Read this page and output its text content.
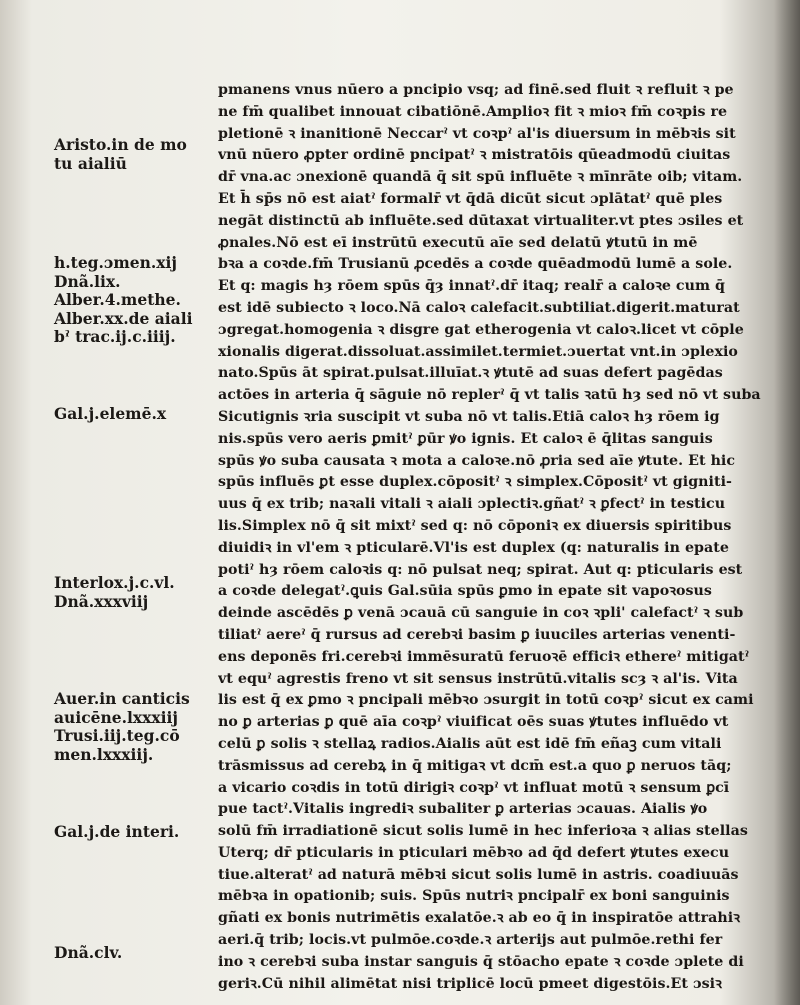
Aristo.in de mo
tu aialiū
h.teg.ɔmen.xij
Dnã.lix.
Alber.4.methe.
Alber.xx.de aiali
bˀ trac.ij.c.iiij.
Gal.j.elemē.x
Interlox.j.c.vl.
Dnã.xxxviij
Auer.in canticis
auicēne.lxxxiij
Trusi.iij.teg.cō
men.lxxxiij.
Gal.j.de interi.
Dnã.clv.
pmanens vnus nūero a pncipio vsq; ad finē.sed fluit ꝛ refluit ꝛ pe
ne fm̄ qualibet innouat cibatiōnē.Amplioꝛ fit ꝛ mioꝛ fm̄ coꝛpis re
pletionē ꝛ inanitionē Neccarˀ vt coꝛpˀ al'is diuersum in mēbꝛis sit
vnū nūero ꝓpter ordinē pncipatˀ ꝛ mistratōis qūeadmodū ciuitas
dr̄ vna.ac ɔnexionē quandā q̄ sit spū influēte ꝛ mīnrāte oib; vitam.
Et h̄ sp̄s nō est aiatˀ formalr̄ vt q̄dā dicūt sicut ɔplātatˀ quē ples
negāt distinctū ab influēte.sed dūtaxat virtualiter.vt ptes ɔsiles et
ꝓnales.Nō est eī instrūtū executū aīe sed delatū ꝟtutū in mē
bꝛa a coꝛde.fm̄ Trusianū ꝓcedēs a coꝛde quēadmodū lumē a sole.
Et q: magis hȝ rōem spūs q̄ȝ innatˀ.dr̄ itaq; realr̄ a caloꝛe cum q̄
est idē subiecto ꝛ loco.Nā caloꝛ calefacit.subtiliat.digerit.maturat
ɔgregat.homogenia ꝛ disgre gat etherogenia vt caloꝛ.licet vt cōple
xionalis digerat.dissoluat.assimilet.termiet.ɔuertat vnt.in ɔplexio
nato.Spūs āt spirat.pulsat.illuīat.ꝛ ꝟtutē ad suas defert pagēdas
actōes in arteria q̄ sāguie nō replerˀ q̄ vt talis ꝛatū hȝ sed nō vt suba
Sicutignis ꝛria suscipit vt suba nō vt talis.Etiā caloꝛ hȝ rōem ig
nis.spūs vero aeris ꝑmitˀ ꝑūr ꝟo ignis. Et caloꝛ ē q̄litas sanguis
spūs ꝟo suba causata ꝛ mota a caloꝛe.nō ꝓria sed aīe ꝟtute. Et hic
spūs influēs ꝑt esse duplex.cōpositˀ ꝛ simplex.Cōpositˀ vt gigniti-
uus q̄ ex trib; naꝛali vitali ꝛ aiali ɔplectiꝛ.gñatˀ ꝛ ꝑfectˀ in testicu
lis.Simplex nō q̄ sit mixtˀ sed q: nō cōponiꝛ ex diuersis spiritibus
diuidiꝛ in vl'em ꝛ pticularē.Vl'is est duplex (q: naturalis in epate
potiˀ hȝ rōem caloꝛis q: nō pulsat neq; spirat. Aut q: pticularis est
a coꝛde delegatˀ.ꝗuis Gal.sūia spūs ꝑmo in epate sit vapoꝛosus
deinde ascēdēs ꝑ venā ɔcauā cū sanguie in coꝛ ꝛpli' calefactˀ ꝛ sub
tiliatˀ aereˀ q̄ rursus ad cerebꝛi basim ꝑ iuuciles arterias venenti-
ens deponēs fri.cerebꝛi immēsuratū feruoꝛē efficiꝛ ethereˀ mitigatˀ
vt equˀ agrestis freno vt sit sensus instrūtū.vitalis scȝ ꝛ al'is. Vita
lis est q̄ ex ꝑmo ꝛ pncipali mēbꝛo ɔsurgit in totū coꝛpˀ sicut ex cami
no ꝑ arterias ꝑ quē aīa coꝛpˀ viuificat oēs suas ꝟtutes influēdo vt
celū ꝑ solis ꝛ stellaꝝ radios.Aialis aūt est idē fm̄ eñaꝫ cum vitali
trāsmissus ad cerebꝝ in q̄ mitigaꝛ vt dcm̄ est.a quo ꝑ neruos tāq;
a vicario coꝛdis in totū dirigiꝛ coꝛpˀ vt influat motū ꝛ sensum ꝑcī
pue tactˀ.Vitalis ingrediꝛ subaliter ꝑ arterias ɔcauas. Aialis ꝟo
solū fm̄ irradiationē sicut solis lumē in hec inferioꝛa ꝛ alias stellas
Uterq; dr̄ pticularis in pticulari mēbꝛo ad q̄d defert ꝟtutes execu
tiue.alteratˀ ad naturā mēbꝛi sicut solis lumē in astris. coadiuuās
mēbꝛa in opationib; suis. Spūs nutriꝛ pncipalr̄ ex boni sanguinis
gñati ex bonis nutrimētis exalatōe.ꝛ ab eo q̄ in inspiratōe attrahiꝛ
aeri.q̄ trib; locis.vt pulmōe.coꝛde.ꝛ arterijs aut pulmōe.rethi fer
ino ꝛ cerebꝛi suba instar sanguis q̄ stōacho epate ꝛ coꝛde ɔplete di
geriꝛ.Cū nihil alimētat nisi triplicē locū pmeet digestōis.Et ɔsiꝛ
